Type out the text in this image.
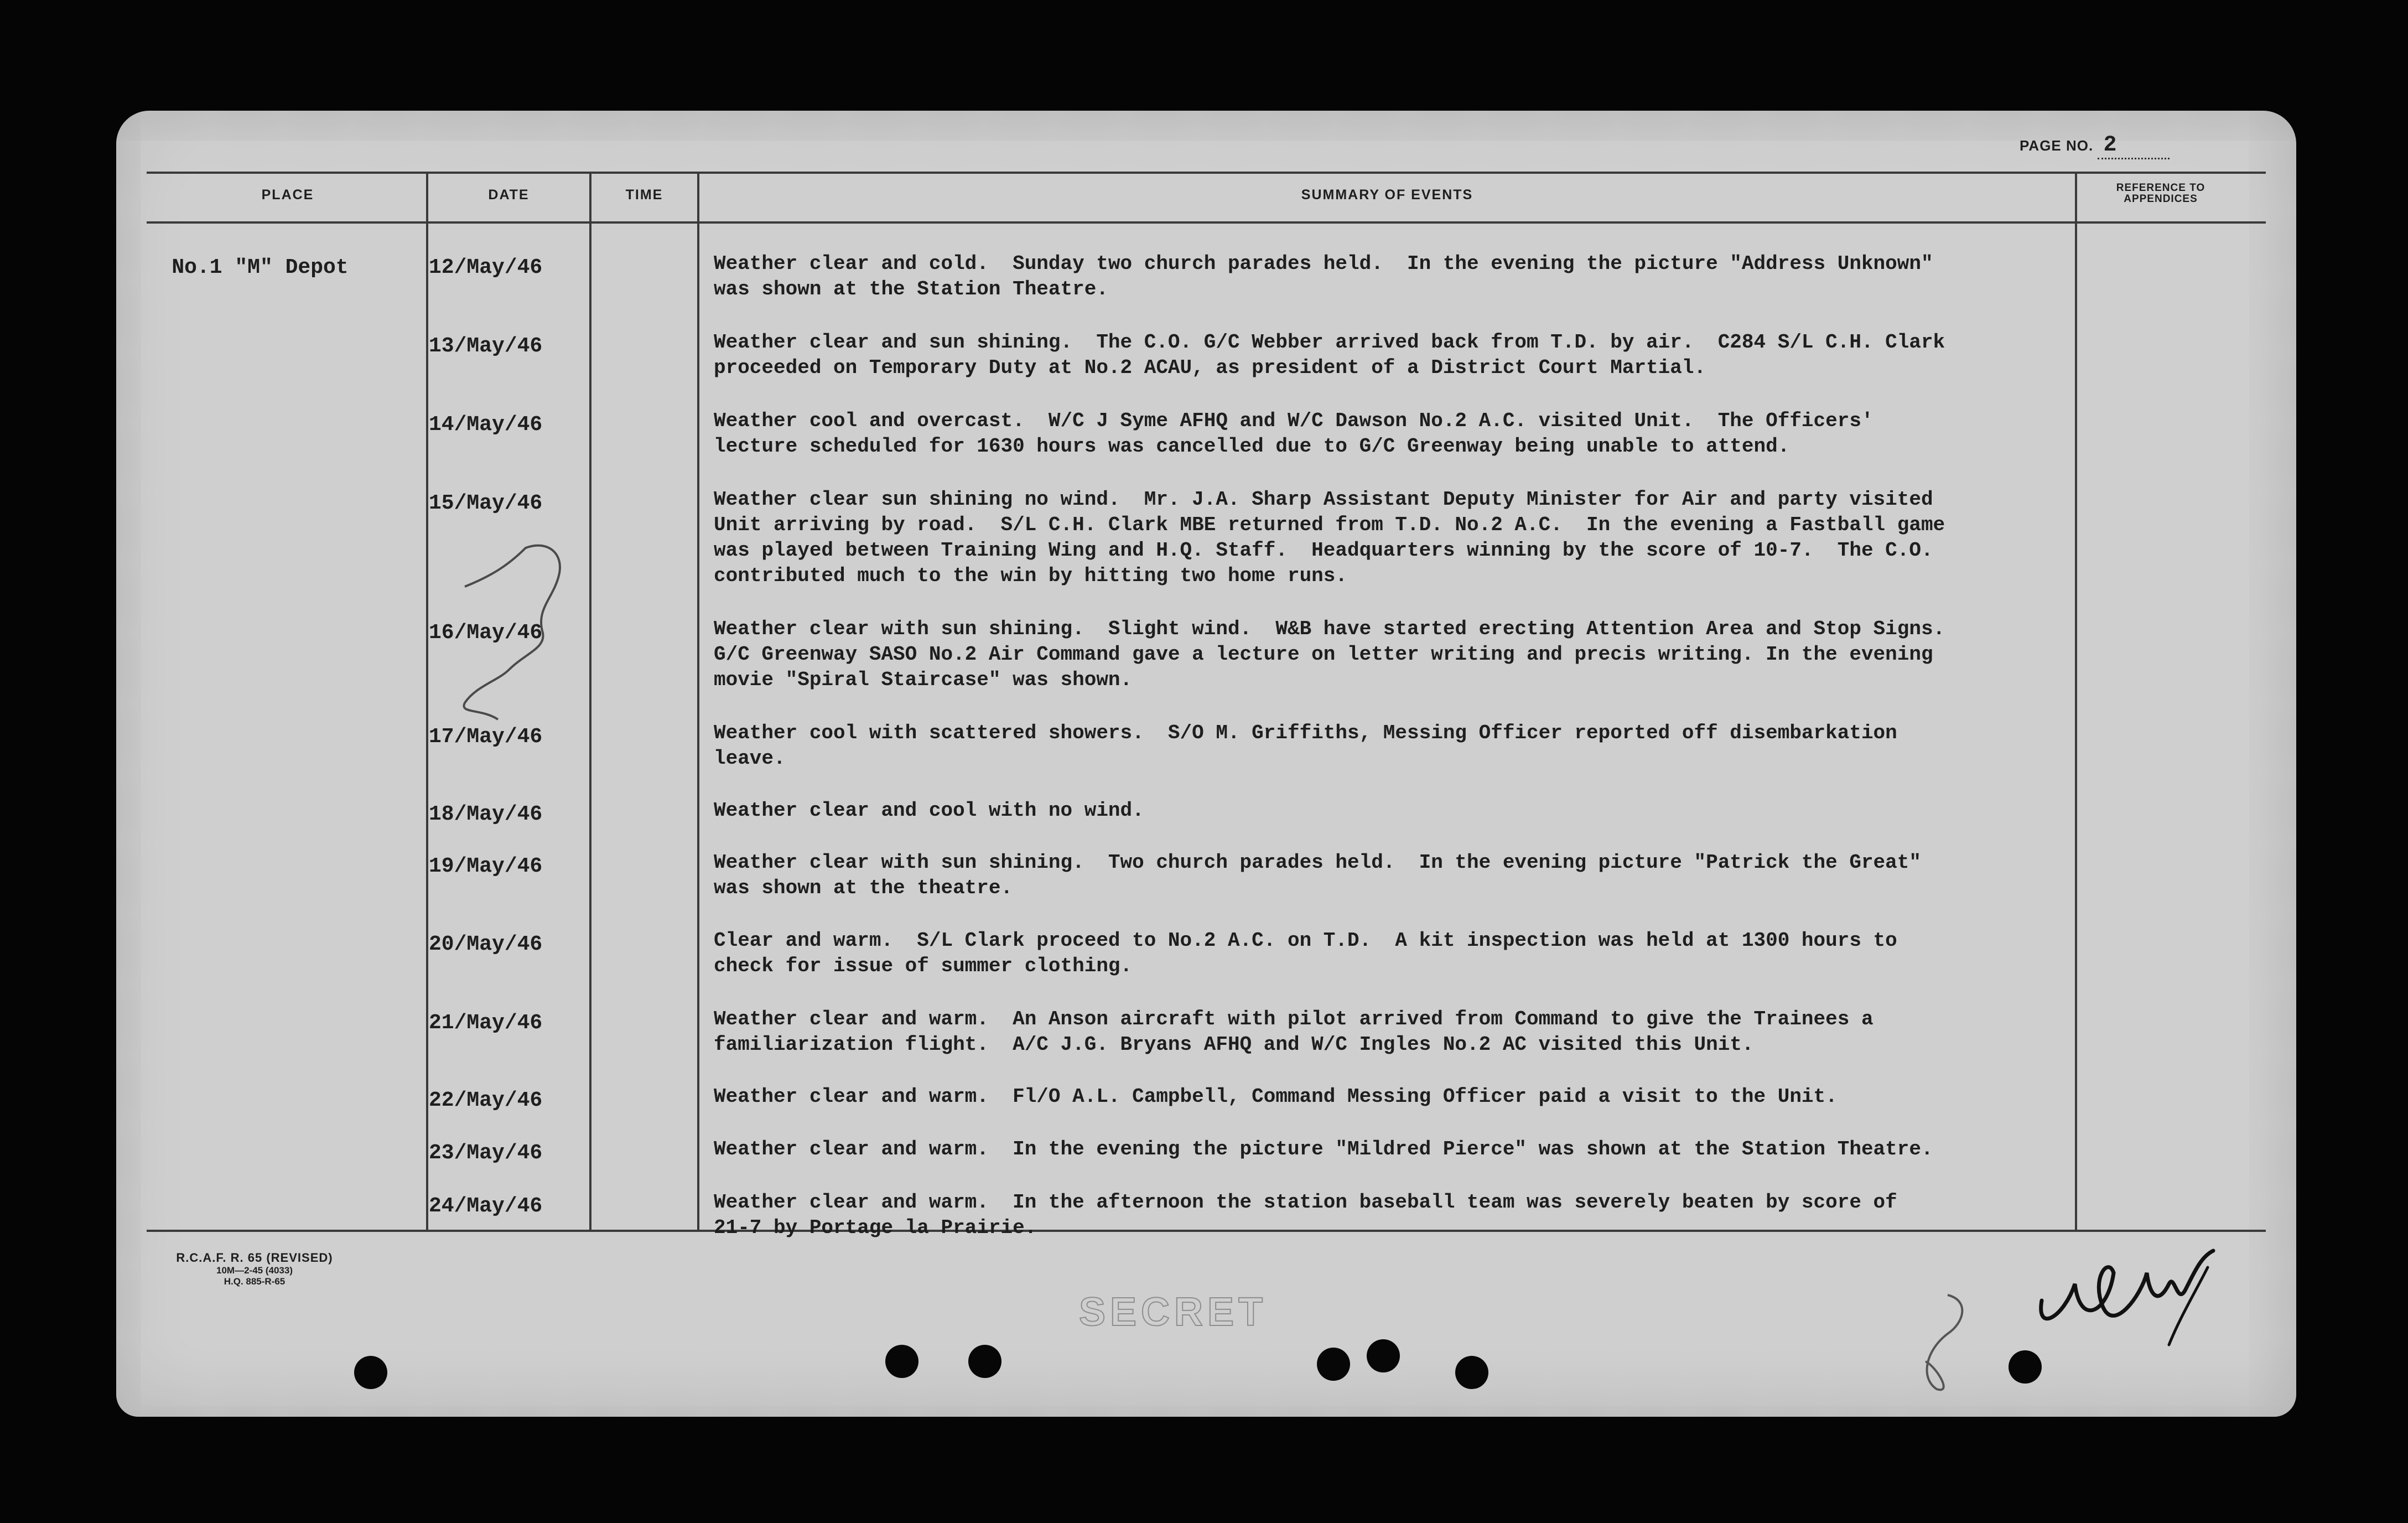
PAGE NO. 2
PLACE	DATE	TIME	SUMMARY OF EVENTS	REFERENCE TO APPENDICES
No.1 "M" Depot	12/May/46	Weather clear and cold.  Sunday two church parades held.  In the evening the picture "Address Unknown"
was shown at the Station Theatre.
13/May/46	Weather clear and sun shining.  The C.O. G/C Webber arrived back from T.D. by air.  C284 S/L C.H. Clark
proceeded on Temporary Duty at No.2 ACAU, as president of a District Court Martial.
14/May/46	Weather cool and overcast.  W/C J Syme AFHQ and W/C Dawson No.2 A.C. visited Unit.  The Officers'
lecture scheduled for 1630 hours was cancelled due to G/C Greenway being unable to attend.
15/May/46	Weather clear sun shining no wind.  Mr. J.A. Sharp Assistant Deputy Minister for Air and party visited
Unit arriving by road.  S/L C.H. Clark MBE returned from T.D. No.2 A.C.  In the evening a Fastball game
was played between Training Wing and H.Q. Staff.  Headquarters winning by the score of 10-7.  The C.O.
contributed much to the win by hitting two home runs.
16/May/46	Weather clear with sun shining.  Slight wind.  W&B have started erecting Attention Area and Stop Signs.
G/C Greenway SASO No.2 Air Command gave a lecture on letter writing and precis writing. In the evening
movie "Spiral Staircase" was shown.
17/May/46	Weather cool with scattered showers.  S/O M. Griffiths, Messing Officer reported off disembarkation
leave.
18/May/46	Weather clear and cool with no wind.
19/May/46	Weather clear with sun shining.  Two church parades held.  In the evening picture "Patrick the Great"
was shown at the theatre.
20/May/46	Clear and warm.  S/L Clark proceed to No.2 A.C. on T.D.  A kit inspection was held at 1300 hours to
check for issue of summer clothing.
21/May/46	Weather clear and warm.  An Anson aircraft with pilot arrived from Command to give the Trainees a
familiarization flight.  A/C J.G. Bryans AFHQ and W/C Ingles No.2 AC visited this Unit.
22/May/46	Weather clear and warm.  Fl/O A.L. Campbell, Command Messing Officer paid a visit to the Unit.
23/May/46	Weather clear and warm.  In the evening the picture "Mildred Pierce" was shown at the Station Theatre.
24/May/46	Weather clear and warm.  In the afternoon the station baseball team was severely beaten by score of
21-7 by Portage la Prairie.
R.C.A.F. R. 65 (REVISED)
10M—2-45 (4033)
H.Q. 885-R-65
SECRET
